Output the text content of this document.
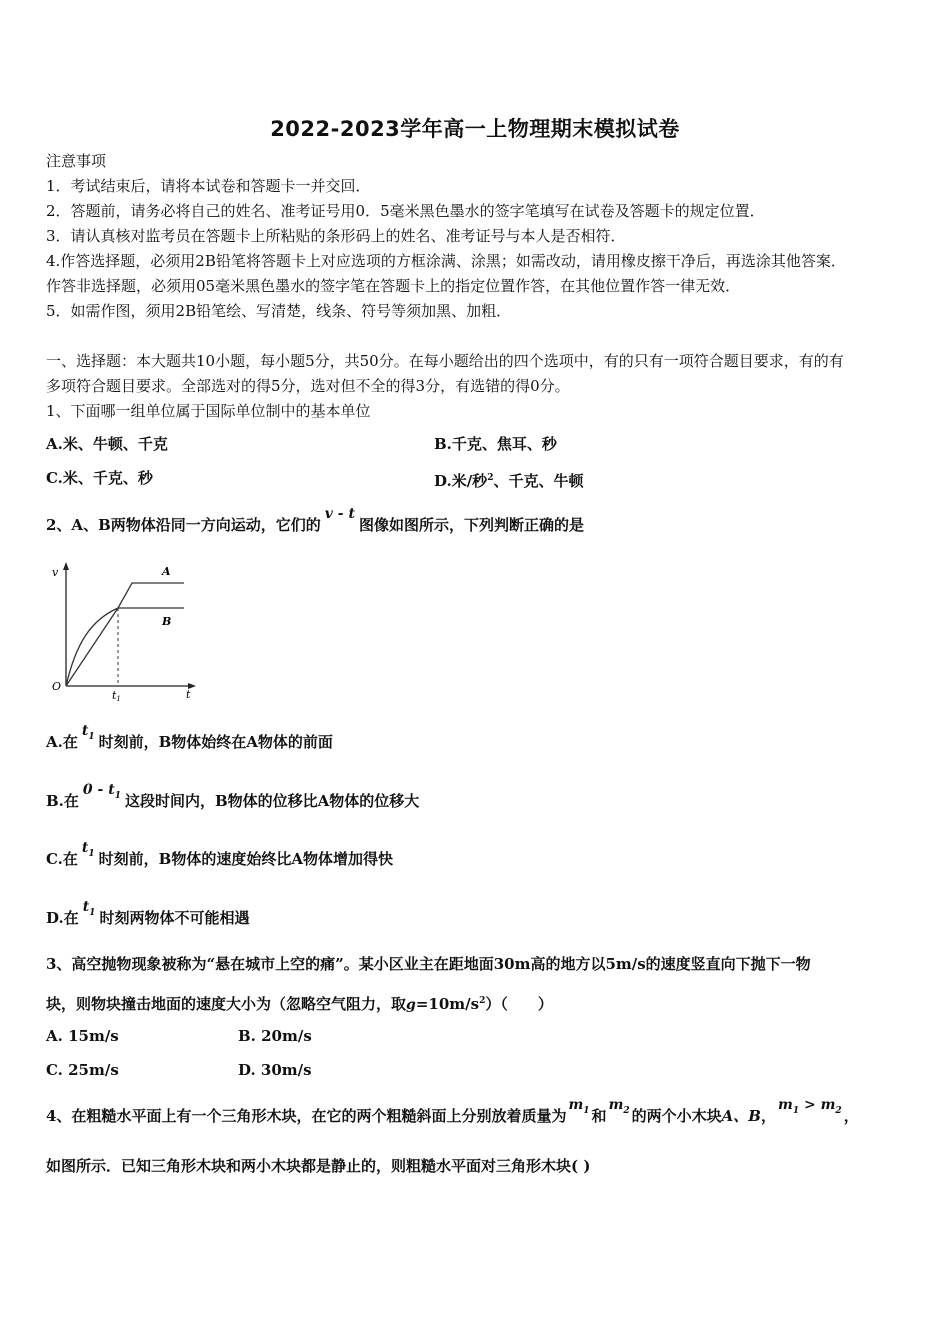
2022-2023学年高一上物理期末模拟试卷
注意事项
1．考试结束后，请将本试卷和答题卡一并交回．
2．答题前，请务必将自己的姓名、准考证号用0．5毫米黑色墨水的签字笔填写在试卷及答题卡的规定位置．
3．请认真核对监考员在答题卡上所粘贴的条形码上的姓名、准考证号与本人是否相符．
4.作答选择题，必须用2B铅笔将答题卡上对应选项的方框涂满、涂黑；如需改动，请用橡皮擦干净后，再选涂其他答案．
作答非选择题，必须用05毫米黑色墨水的签字笔在答题卡上的指定位置作答，在其他位置作答一律无效．
5．如需作图，须用2B铅笔绘、写清楚，线条、符号等须加黑、加粗．
一、选择题：本大题共10小题，每小题5分，共50分。在每小题给出的四个选项中，有的只有一项符合题目要求，有的有
多项符合题目要求。全部选对的得5分，选对但不全的得3分，有选错的得0分。
1、下面哪一组单位属于国际单位制中的基本单位
A.米、牛顿、千克	B.千克、焦耳、秒
C.米、千克、秒	D.米/秒$^2$、千克、牛顿
2、A、B两物体沿同一方向运动，它们的v - t图像如图所示，下列判断正确的是
v
t
O
t1
A
B
A.在$t_1$ 时刻前，B物体始终在A物体的前面
B.在$0 - t_1$ 这段时间内，B物体的位移比A物体的位移大
C.在$t_1$ 时刻前，B物体的速度始终比A物体增加得快
D.在$t_1$ 时刻两物体不可能相遇
3、高空抛物现象被称为“悬在城市上空的痛”。某小区业主在距地面30m高的地方以5m/s的速度竖直向下抛下一物
块，则物块撞击地面的速度大小为（忽略空气阻力，取$g=10m/s^2$）（　　）
A. 15m/s	B. 20m/s
C. 25m/s	D. 30m/s
4、在粗糙水平面上有一个三角形木块，在它的两个粗糙斜面上分别放着质量为$m_1$ 和$m_2$ 的两个小木块A、B，$m_1 > m_2$ ，
如图所示．已知三角形木块和两小木块都是静止的，则粗糙水平面对三角形木块( )
